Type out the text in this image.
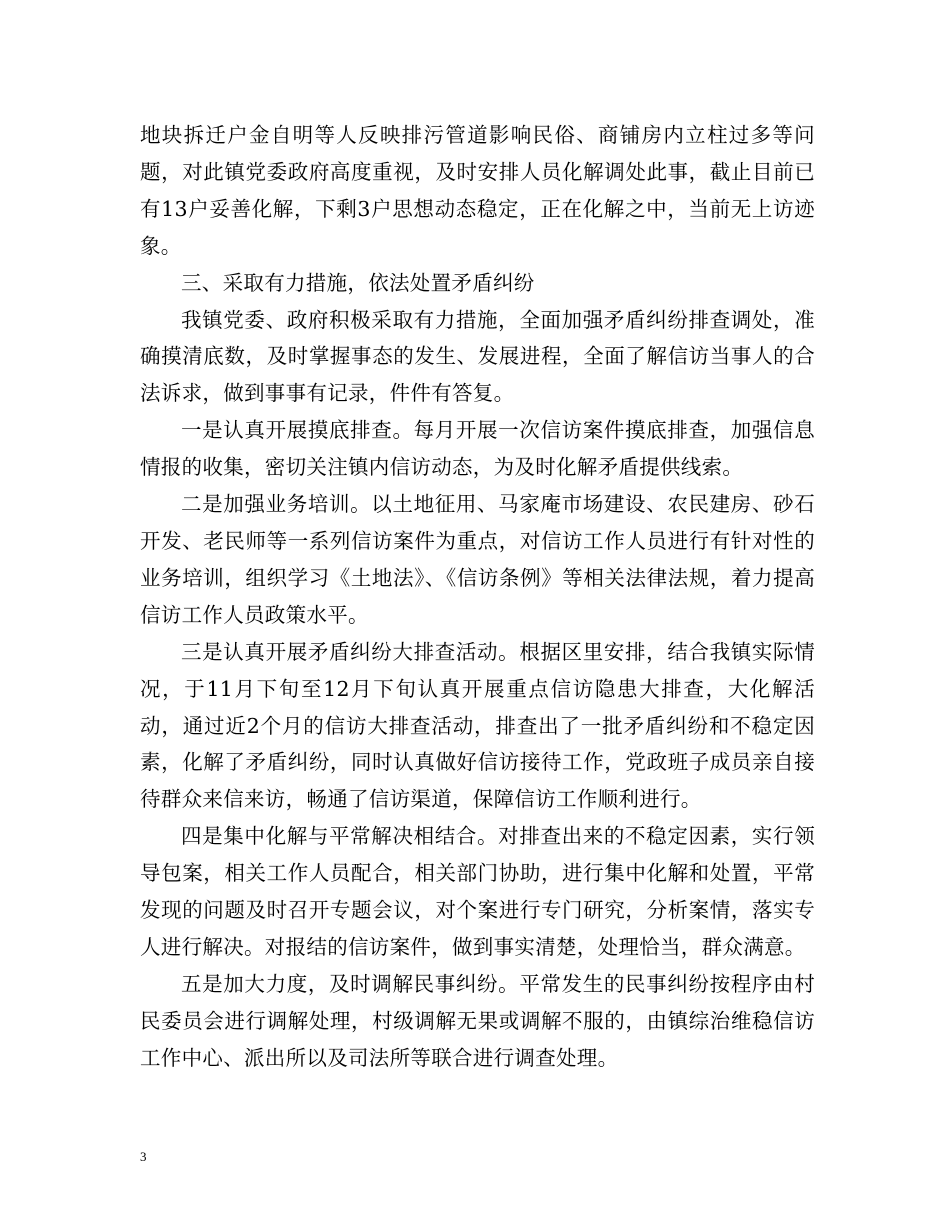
地块拆迁户金自明等人反映排污管道影响民俗、商铺房内立柱过多等问题，对此镇党委政府高度重视，及时安排人员化解调处此事，截止目前已有13户妥善化解，下剩3户思想动态稳定，正在化解之中，当前无上访迹象。

三、采取有力措施，依法处置矛盾纠纷

我镇党委、政府积极采取有力措施，全面加强矛盾纠纷排查调处，准确摸清底数，及时掌握事态的发生、发展进程，全面了解信访当事人的合法诉求，做到事事有记录，件件有答复。

一是认真开展摸底排查。每月开展一次信访案件摸底排查，加强信息情报的收集，密切关注镇内信访动态，为及时化解矛盾提供线索。

二是加强业务培训。以土地征用、马家庵市场建设、农民建房、砂石开发、老民师等一系列信访案件为重点，对信访工作人员进行有针对性的业务培训，组织学习《土地法》、《信访条例》等相关法律法规，着力提高信访工作人员政策水平。

三是认真开展矛盾纠纷大排查活动。根据区里安排，结合我镇实际情况，于11月下旬至12月下旬认真开展重点信访隐患大排查，大化解活动，通过近2个月的信访大排查活动，排查出了一批矛盾纠纷和不稳定因素，化解了矛盾纠纷，同时认真做好信访接待工作，党政班子成员亲自接待群众来信来访，畅通了信访渠道，保障信访工作顺利进行。

四是集中化解与平常解决相结合。对排查出来的不稳定因素，实行领导包案，相关工作人员配合，相关部门协助，进行集中化解和处置，平常发现的问题及时召开专题会议，对个案进行专门研究，分析案情，落实专人进行解决。对报结的信访案件，做到事实清楚，处理恰当，群众满意。

五是加大力度，及时调解民事纠纷。平常发生的民事纠纷按程序由村民委员会进行调解处理，村级调解无果或调解不服的，由镇综治维稳信访工作中心、派出所以及司法所等联合进行调查处理。

3
